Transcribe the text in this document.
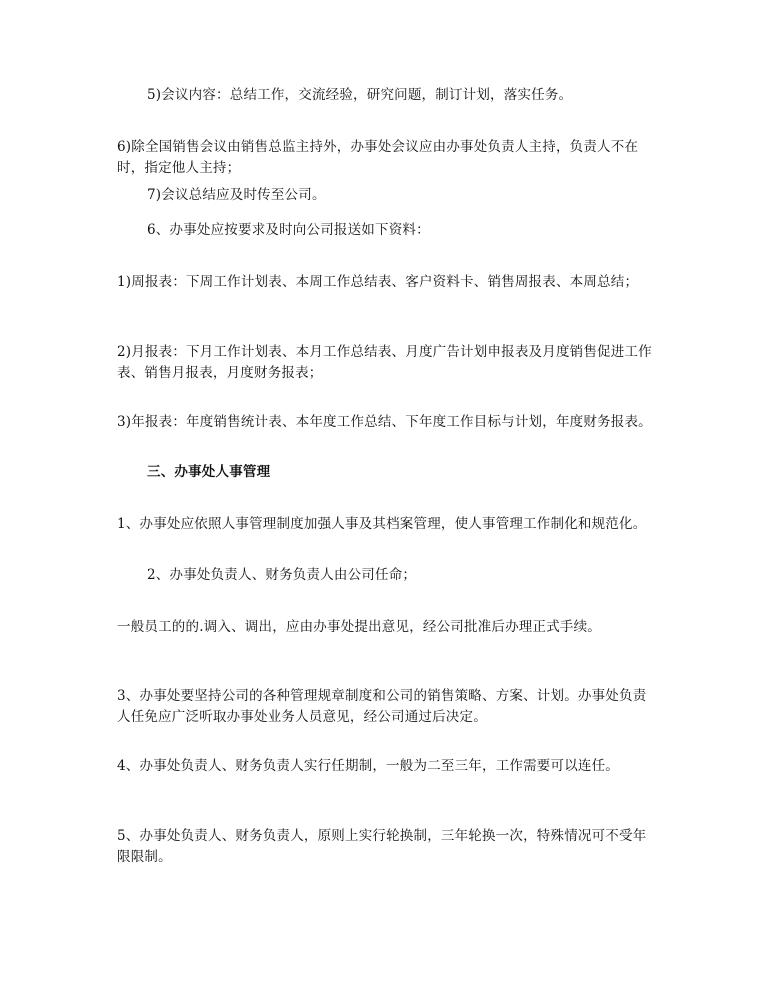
5)会议内容：总结工作，交流经验，研究问题，制订计划，落实任务。
6)除全国销售会议由销售总监主持外，办事处会议应由办事处负责人主持，负责人不在时，指定他人主持；
7)会议总结应及时传至公司。
6、办事处应按要求及时向公司报送如下资料：
1)周报表：下周工作计划表、本周工作总结表、客户资料卡、销售周报表、本周总结；
2)月报表：下月工作计划表、本月工作总结表、月度广告计划申报表及月度销售促进工作表、销售月报表，月度财务报表；
3)年报表：年度销售统计表、本年度工作总结、下年度工作目标与计划，年度财务报表。
三、办事处人事管理
1、办事处应依照人事管理制度加强人事及其档案管理，使人事管理工作制化和规范化。
2、办事处负责人、财务负责人由公司任命；
一般员工的的.调入、调出，应由办事处提出意见，经公司批准后办理正式手续。
3、办事处要坚持公司的各种管理规章制度和公司的销售策略、方案、计划。办事处负责人任免应广泛听取办事处业务人员意见，经公司通过后决定。
4、办事处负责人、财务负责人实行任期制，一般为二至三年，工作需要可以连任。
5、办事处负责人、财务负责人，原则上实行轮换制，三年轮换一次，特殊情况可不受年限限制。
